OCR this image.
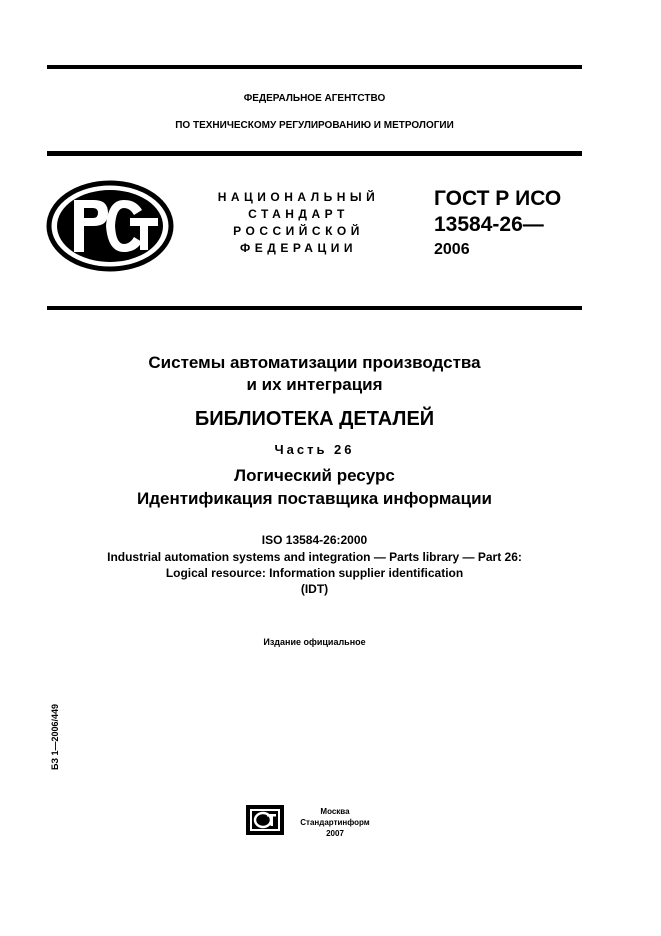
ФЕДЕРАЛЬНОЕ АГЕНТСТВО
ПО ТЕХНИЧЕСКОМУ РЕГУЛИРОВАНИЮ И МЕТРОЛОГИИ
НАЦИОНАЛЬНЫЙ
СТАНДАРТ
РОССИЙСКОЙ
ФЕДЕРАЦИИ
ГОСТ Р ИСО
13584-26—
2006
Системы автоматизации производства
и их интеграция
БИБЛИОТЕКА ДЕТАЛЕЙ
Часть 26
Логический ресурс
Идентификация поставщика информации
ISO 13584-26:2000
Industrial automation systems and integration — Parts library — Part 26:
Logical resource: Information supplier identification
(IDT)
Издание официальное
БЗ 1—2006/449
Москва
Стандартинформ
2007
